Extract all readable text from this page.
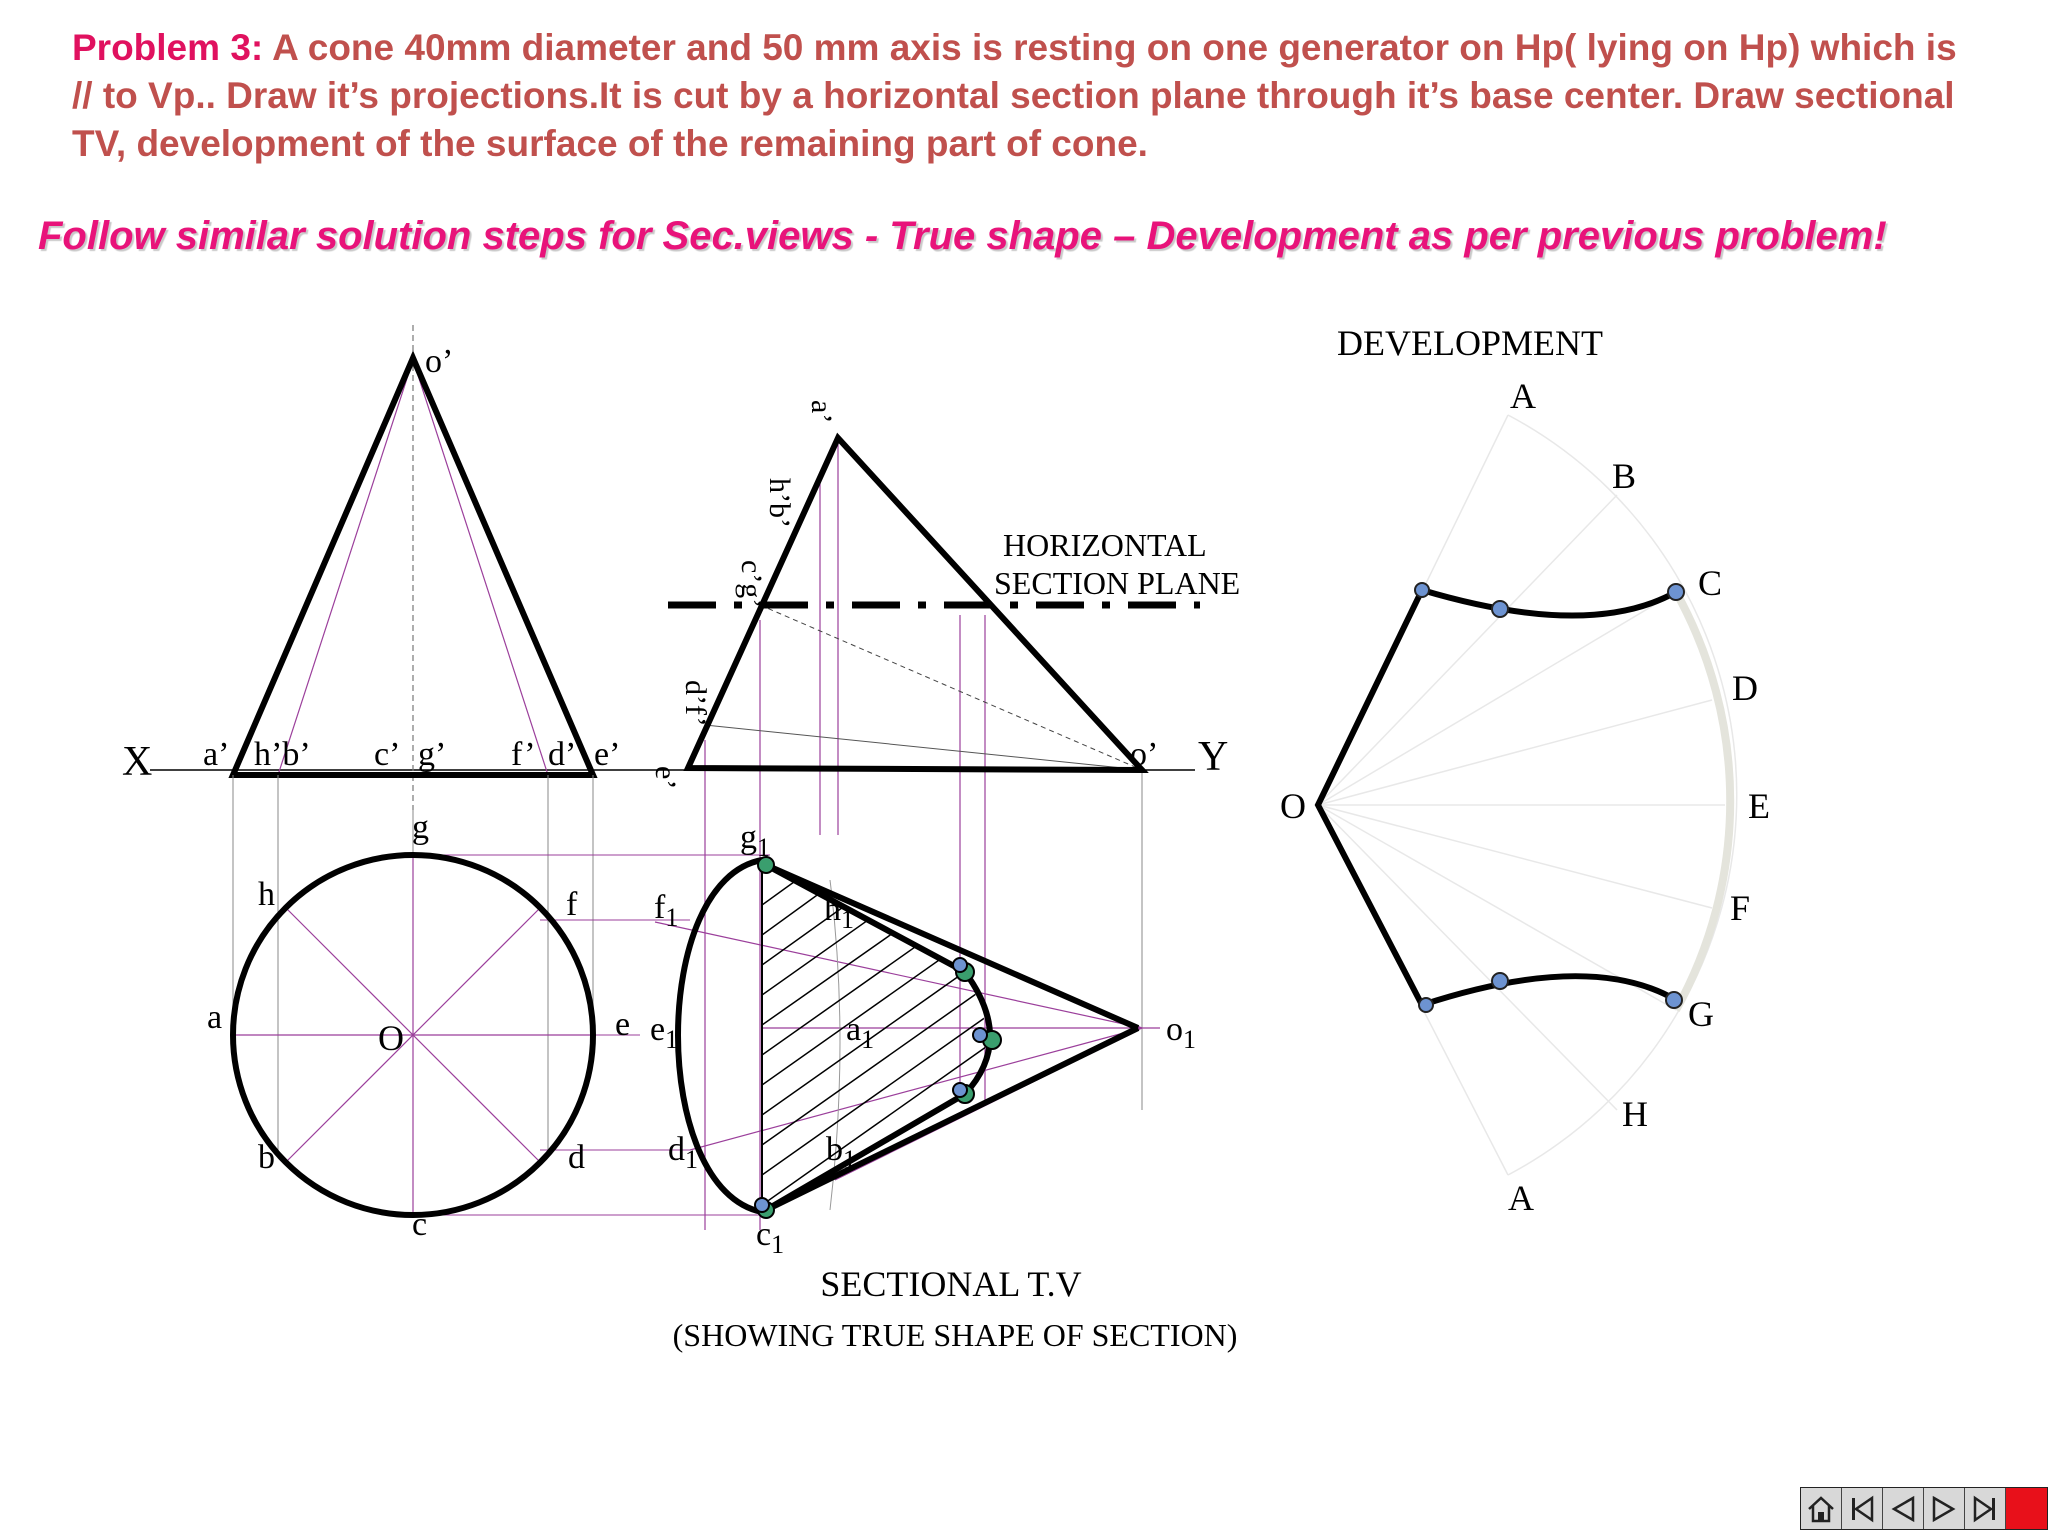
Problem 3: A cone 40mm diameter and 50 mm axis is resting on one generator on Hp( lying on Hp) which is // to Vp.. Draw it’s projections.It is cut by a horizontal section plane through it’s base center. Draw sectional TV, development of the surface of the remaining part of cone.

Follow similar solution steps for Sec.views - True shape – Development as per previous problem!

o’
X	Y
a’ h’b’ c’ g’ f’ d’ e’
O
g
h	f
a	e
b	d
c
a’
h’b’
c’g’
d’f’
e’
o’
HORIZONTAL
SECTION PLANE
$g_1$
$h_1$
$f_1$
$e_1$	$a_1$
$d_1$	$b_1$
$c_1$
$o_1$
SECTIONAL T.V
(SHOWING TRUE SHAPE OF SECTION)
DEVELOPMENT
O
A
B
C
D
E
F
G
H
A
